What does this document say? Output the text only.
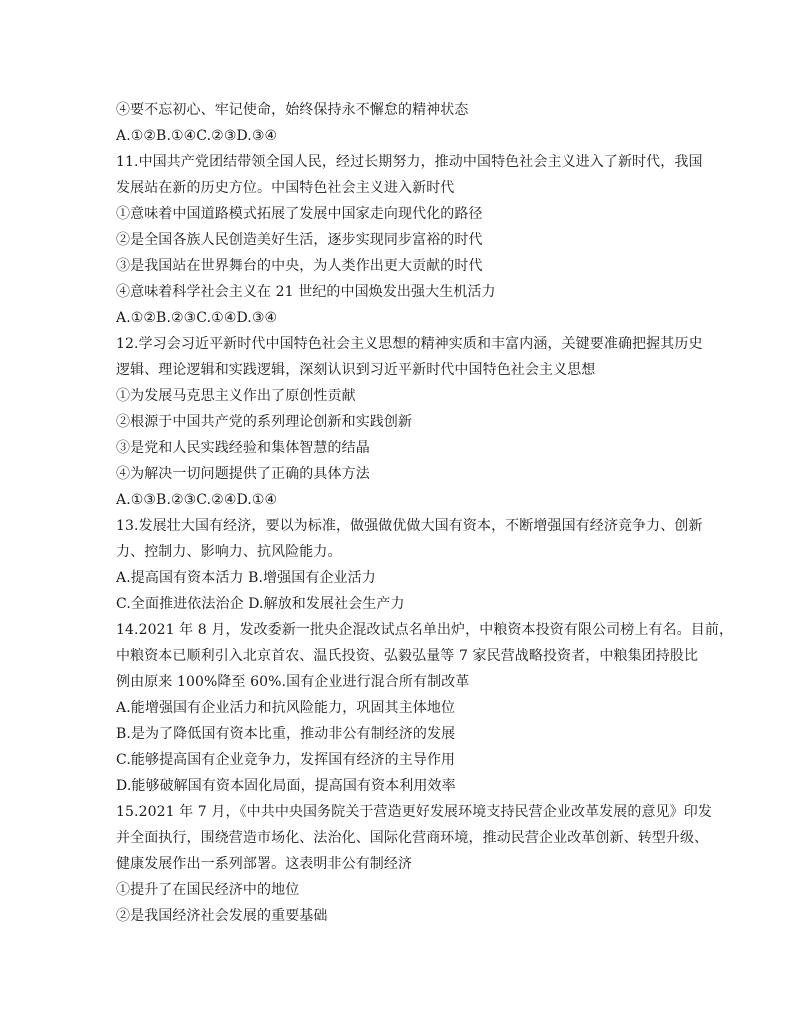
④要不忘初心、牢记使命，始终保持永不懈怠的精神状态
A.①②B.①④C.②③D.③④
11.中国共产党团结带领全国人民，经过长期努力，推动中国特色社会主义进入了新时代，我国
发展站在新的历史方位。中国特色社会主义进入新时代
①意味着中国道路模式拓展了发展中国家走向现代化的路径
②是全国各族人民创造美好生活，逐步实现同步富裕的时代
③是我国站在世界舞台的中央，为人类作出更大贡献的时代
④意味着科学社会主义在 21 世纪的中国焕发出强大生机活力
A.①②B.②③C.①④D.③④
12.学习会习近平新时代中国特色社会主义思想的精神实质和丰富内涵，关键要准确把握其历史
逻辑、理论逻辑和实践逻辑，深刻认识到习近平新时代中国特色社会主义思想
①为发展马克思主义作出了原创性贡献
②根源于中国共产党的系列理论创新和实践创新
③是党和人民实践经验和集体智慧的结晶
④为解决一切问题提供了正确的具体方法
A.①③B.②③C.②④D.①④
13.发展壮大国有经济，要以为标准，做强做优做大国有资本，不断增强国有经济竞争力、创新
力、控制力、影响力、抗风险能力。
A.提高国有资本活力 B.增强国有企业活力
C.全面推进依法治企 D.解放和发展社会生产力
14.2021 年 8 月，发改委新一批央企混改试点名单出炉，中粮资本投资有限公司榜上有名。目前，
中粮资本已顺利引入北京首农、温氏投资、弘毅弘量等 7 家民营战略投资者，中粮集团持股比
例由原来 100%降至 60%.国有企业进行混合所有制改革
A.能增强国有企业活力和抗风险能力，巩固其主体地位
B.是为了降低国有资本比重，推动非公有制经济的发展
C.能够提高国有企业竞争力，发挥国有经济的主导作用
D.能够破解国有资本固化局面，提高国有资本利用效率
15.2021 年 7 月，《中共中央国务院关于营造更好发展环境支持民营企业改革发展的意见》印发
并全面执行，围绕营造市场化、法治化、国际化营商环境，推动民营企业改革创新、转型升级、
健康发展作出一系列部署。这表明非公有制经济
①提升了在国民经济中的地位
②是我国经济社会发展的重要基础
